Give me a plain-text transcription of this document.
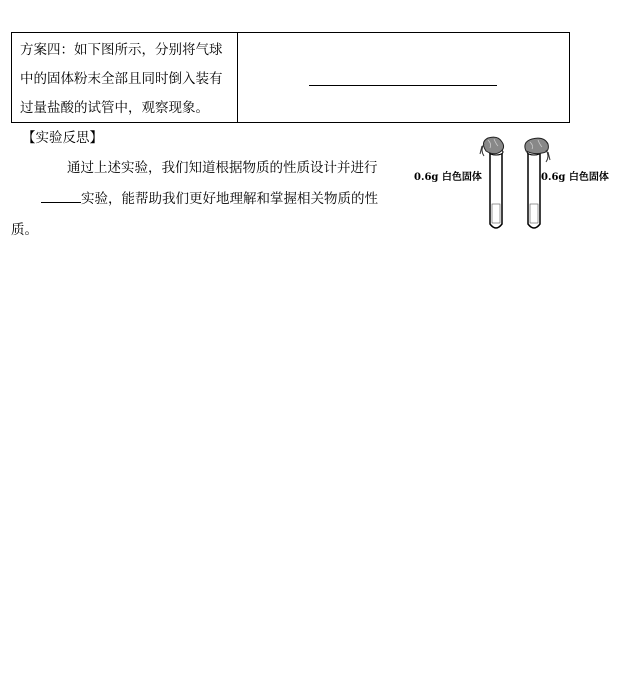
方案四：如下图所示，分别将气球
中的固体粉末全部且同时倒入装有
过量盐酸的试管中，观察现象。
【实验反思】
通过上述实验，我们知道根据物质的性质设计并进行
实验，能帮助我们更好地理解和掌握相关物质的性
质。
0.6g 白色固体	0.6g 白色固体
